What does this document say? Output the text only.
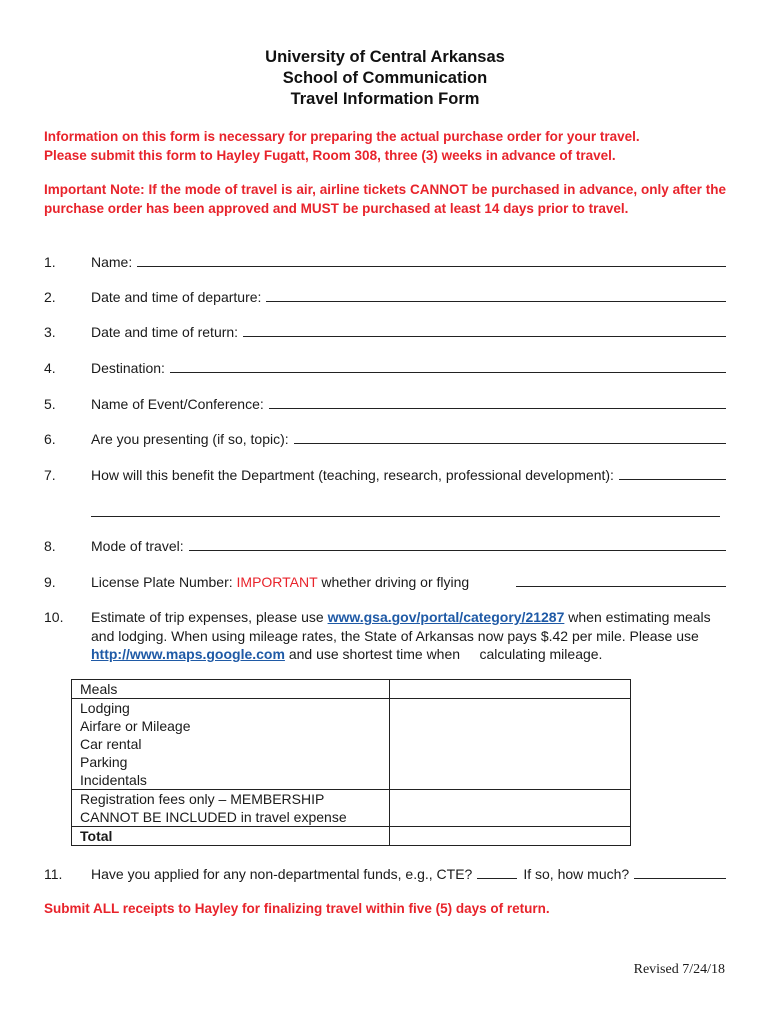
University of Central Arkansas
School of Communication
Travel Information Form
Information on this form is necessary for preparing the actual purchase order for your travel.
Please submit this form to Hayley Fugatt, Room 308, three (3) weeks in advance of travel.
Important Note: If the mode of travel is air, airline tickets CANNOT be purchased in advance, only after the purchase order has been approved and MUST be purchased at least 14 days prior to travel.
1.	Name:
2.	Date and time of departure:
3.	Date and time of return:
4.	Destination:
5.	Name of Event/Conference:
6.	Are you presenting (if so, topic):
7.	How will this benefit the Department (teaching, research, professional development):
8.	Mode of travel:
9.	License Plate Number: IMPORTANT whether driving or flying
10. Estimate of trip expenses, please use www.gsa.gov/portal/category/21287 when estimating meals and lodging. When using mileage rates, the State of Arkansas now pays $.42 per mile. Please use http://www.maps.google.com and use shortest time when     calculating mileage.
Meals	

Lodging
Airfare or Mileage
Car rental
Parking
Incidentals	

Registration fees only – MEMBERSHIP
CANNOT BE INCLUDED in travel expense	

Total	
11. Have you applied for any non-departmental funds, e.g., CTE?	If so, how much?
Submit ALL receipts to Hayley for finalizing travel within five (5) days of return.
Revised 7/24/18
